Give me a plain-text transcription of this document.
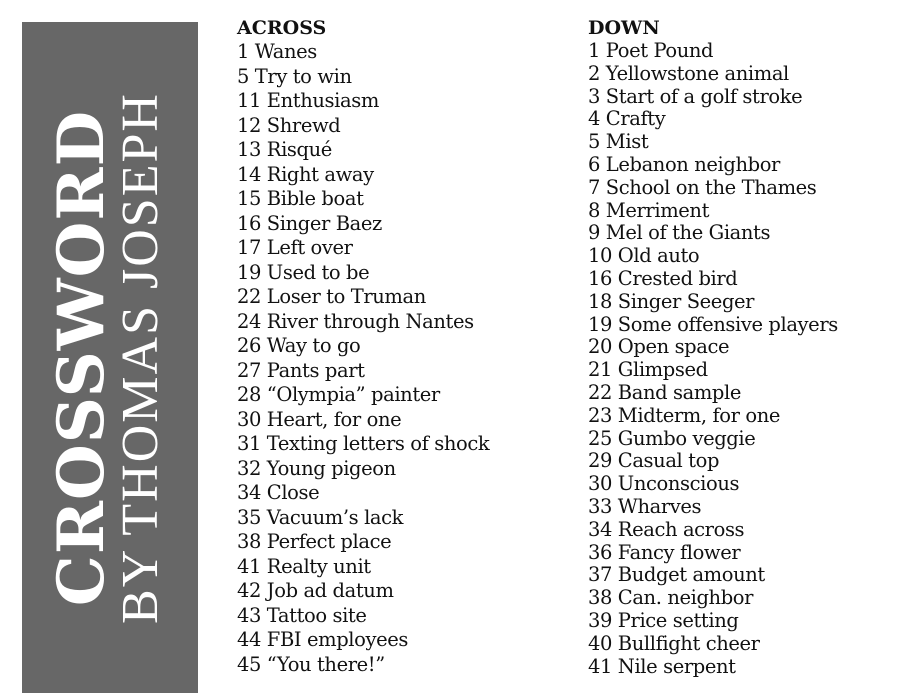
CROSSWORD
BY THOMAS JOSEPH
ACROSS
1 Wanes
5 Try to win
11 Enthusiasm
12 Shrewd
13 Risqué
14 Right away
15 Bible boat
16 Singer Baez
17 Left over
19 Used to be
22 Loser to Truman
24 River through Nantes
26 Way to go
27 Pants part
28 “Olympia” painter
30 Heart, for one
31 Texting letters of shock
32 Young pigeon
34 Close
35 Vacuum’s lack
38 Perfect place
41 Realty unit
42 Job ad datum
43 Tattoo site
44 FBI employees
45 “You there!”
DOWN
1 Poet Pound
2 Yellowstone animal
3 Start of a golf stroke
4 Crafty
5 Mist
6 Lebanon neighbor
7 School on the Thames
8 Merriment
9 Mel of the Giants
10 Old auto
16 Crested bird
18 Singer Seeger
19 Some offensive players
20 Open space
21 Glimpsed
22 Band sample
23 Midterm, for one
25 Gumbo veggie
29 Casual top
30 Unconscious
33 Wharves
34 Reach across
36 Fancy flower
37 Budget amount
38 Can. neighbor
39 Price setting
40 Bullfight cheer
41 Nile serpent
